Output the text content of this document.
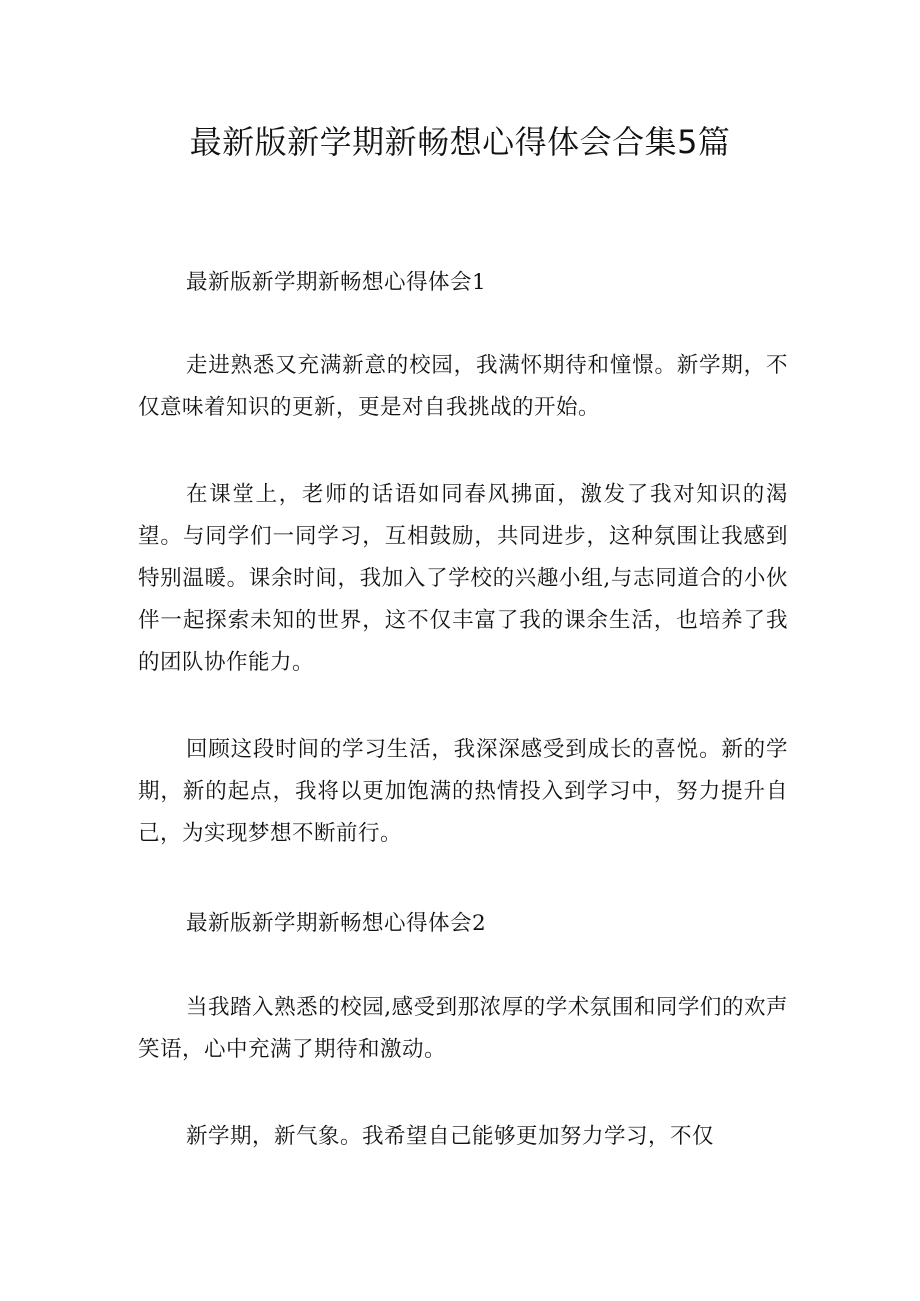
最新版新学期新畅想心得体会合集5篇

最新版新学期新畅想心得体会1

走进熟悉又充满新意的校园，我满怀期待和憧憬。新学期，不仅意味着知识的更新，更是对自我挑战的开始。

在课堂上，老师的话语如同春风拂面，激发了我对知识的渴望。与同学们一同学习，互相鼓励，共同进步，这种氛围让我感到特别温暖。课余时间，我加入了学校的兴趣小组,与志同道合的小伙伴一起探索未知的世界，这不仅丰富了我的课余生活，也培养了我的团队协作能力。

回顾这段时间的学习生活，我深深感受到成长的喜悦。新的学期，新的起点，我将以更加饱满的热情投入到学习中，努力提升自己，为实现梦想不断前行。

最新版新学期新畅想心得体会2

当我踏入熟悉的校园,感受到那浓厚的学术氛围和同学们的欢声笑语，心中充满了期待和激动。

新学期，新气象。我希望自己能够更加努力学习，不仅
